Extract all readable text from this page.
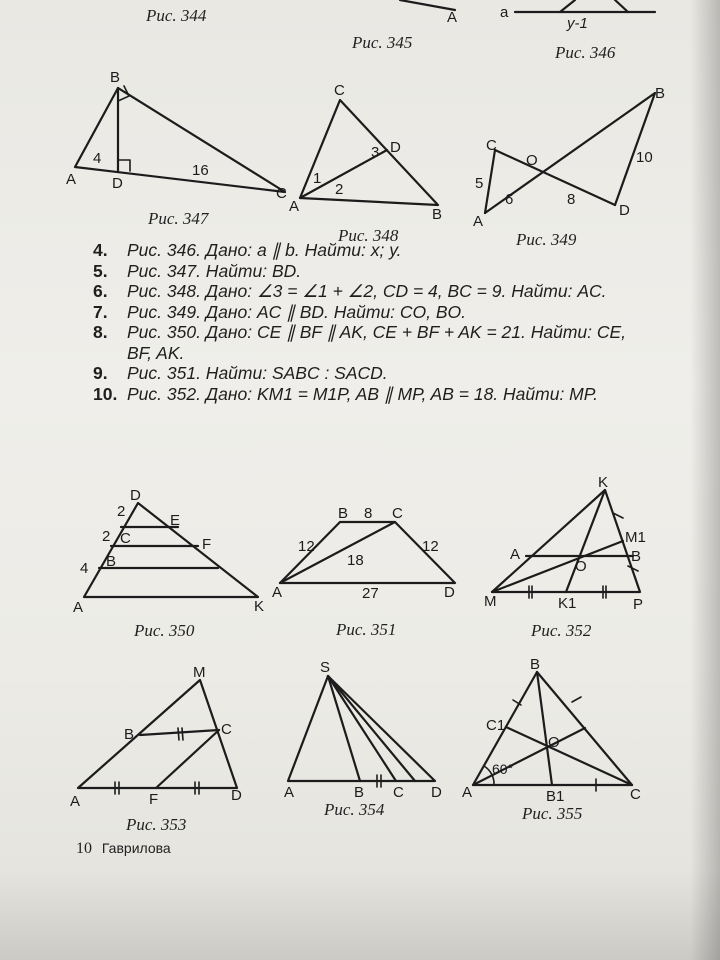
A	a
y-1
B
A D
C
4
16
C
D
A	B
1
2
3
B
C
O
A
D
5
6	8
10
D
C
E
B
F
A	K
2
2
4
B	C
A	D
8
12	12
18
27
K
M1
A	B
O
M	K1	P
M
B	C
A	F	D
S
A	B C D
B
C1
O
60°
A	B1	C
Рис. 344
Рис. 345
Рис. 346
Рис. 347
Рис. 348	Рис. 349
Рис. 350	Рис. 351	Рис. 352
Рис. 353
Рис. 354	Рис. 355
4. Рис. 346. Дано: a ∥ b. Найти: x; y.
5. Рис. 347. Найти: BD.
6. Рис. 348. Дано: ∠3 = ∠1 + ∠2, CD = 4, BC = 9. Найти: AC.
7. Рис. 349. Дано: AC ∥ BD. Найти: CO, BO.
8. Рис. 350. Дано: CE ∥ BF ∥ AK, CE + BF + AK = 21. Найти: CE, BF, AK.
9. Рис. 351. Найти: SABC : SACD.
10. Рис. 352. Дано: KM1 = M1P, AB ∥ MP, AB = 18. Найти: MP.
10 Гаврилова
